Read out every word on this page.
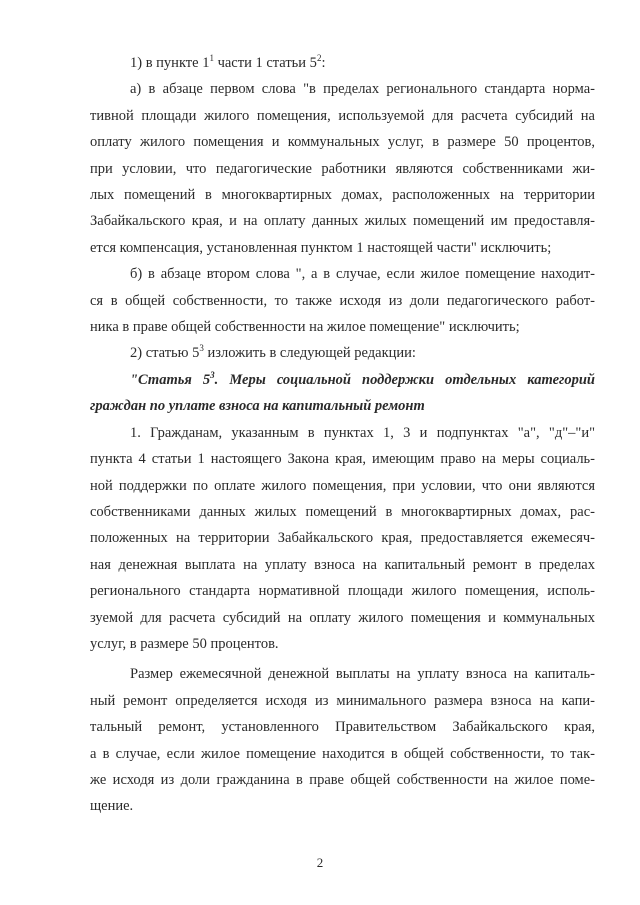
1) в пункте $1^1$ части 1 статьи $5^2$:

а) в абзаце первом слова "в пределах регионального стандарта норма-
тивной площади жилого помещения, используемой для расчета субсидий на
оплату жилого помещения и коммунальных услуг, в размере 50 процентов,
при условии, что педагогические работники являются собственниками жи-
лых помещений в многоквартирных домах, расположенных на территории
Забайкальского края, и на оплату данных жилых помещений им предоставля-
ется компенсация, установленная пунктом 1 настоящей части" исключить;

б) в абзаце втором слова ", а в случае, если жилое помещение находит-
ся в общей собственности, то также исходя из доли педагогического работ-
ника в праве общей собственности на жилое помещение" исключить;

2) статью $5^3$ изложить в следующей редакции:

"Статья $5^3$. Меры социальной поддержки отдельных категорий
граждан по уплате взноса на капитальный ремонт

1. Гражданам, указанным в пунктах 1, 3 и подпунктах "а", "д"–"и"
пункта 4 статьи 1 настоящего Закона края, имеющим право на меры социаль-
ной поддержки по оплате жилого помещения, при условии, что они являются
собственниками данных жилых помещений в многоквартирных домах, рас-
положенных на территории Забайкальского края, предоставляется ежемесяч-
ная денежная выплата на уплату взноса на капитальный ремонт в пределах
регионального стандарта нормативной площади жилого помещения, исполь-
зуемой для расчета субсидий на оплату жилого помещения и коммунальных
услуг, в размере 50 процентов.

Размер ежемесячной денежной выплаты на уплату взноса на капиталь-
ный ремонт определяется исходя из минимального размера взноса на капи-
тальный ремонт, установленного Правительством Забайкальского края,
а в случае, если жилое помещение находится в общей собственности, то так-
же исходя из доли гражданина в праве общей собственности на жилое поме-
щение.

2
